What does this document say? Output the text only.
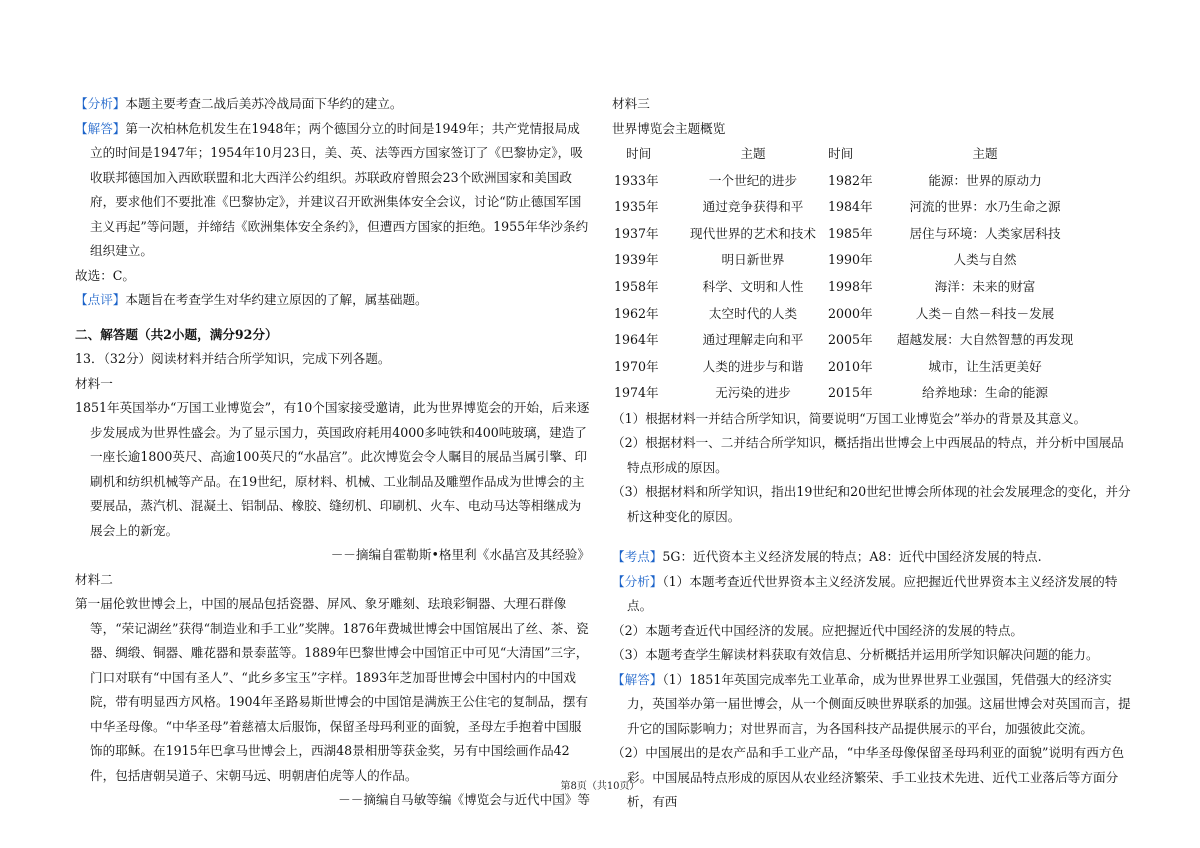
【分析】本题主要考查二战后美苏冷战局面下华约的建立。

【解答】第一次柏林危机发生在1948年；两个德国分立的时间是1949年；共产党情报局成立的时间是1947年；1954年10月23日，美、英、法等西方国家签订了《巴黎协定》，吸收联邦德国加入西欧联盟和北大西洋公约组织。苏联政府曾照会23个欧洲国家和美国政府，要求他们不要批准《巴黎协定》，并建议召开欧洲集体安全会议，讨论“防止德国军国主义再起”等问题，并缔结《欧洲集体安全条约》，但遭西方国家的拒绝。1955年华沙条约组织建立。

故选：C。

【点评】本题旨在考查学生对华约建立原因的了解，属基础题。

二、解答题（共2小题，满分92分）

13．（32分）阅读材料并结合所学知识，完成下列各题。

材料一

1851年英国举办“万国工业博览会”，有10个国家接受邀请，此为世界博览会的开始，后来逐步发展成为世界性盛会。为了显示国力，英国政府耗用4000多吨铁和400吨玻璃，建造了一座长逾1800英尺、高逾100英尺的“水晶宫”。此次博览会令人瞩目的展品当属引擎、印刷机和纺织机械等产品。在19世纪，原材料、机械、工业制品及雕塑作品成为世博会的主要展品，蒸汽机、混凝土、铝制品、橡胶、缝纫机、印刷机、火车、电动马达等相继成为展会上的新宠。

－－摘编自霍勒斯•格里利《水晶宫及其经验》

材料二

第一届伦敦世博会上，中国的展品包括瓷器、屏风、象牙雕刻、珐琅彩铜器、大理石群像等，“荣记湖丝”获得“制造业和手工业”奖牌。1876年费城世博会中国馆展出了丝、茶、瓷器、绸缎、铜器、雕花器和景泰蓝等。1889年巴黎世博会中国馆正中可见“大清国”三字，门口对联有“中国有圣人”、“此乡多宝玉”字样。1893年芝加哥世博会中国村内的中国戏院，带有明显西方风格。1904年圣路易斯世博会的中国馆是满族王公住宅的复制品，摆有中华圣母像。“中华圣母”着慈禧太后服饰，保留圣母玛利亚的面貌，圣母左手抱着中国服饰的耶稣。在1915年巴拿马世博会上，西湖48景相册等获金奖，另有中国绘画作品42件，包括唐朝吴道子、宋朝马远、明朝唐伯虎等人的作品。

－－摘编自马敏等编《博览会与近代中国》等

材料三

世界博览会主题概览

时间	主题	时间	主题
1933年	一个世纪的进步	1982年	能源：世界的原动力
1935年	通过竞争获得和平	1984年	河流的世界：水乃生命之源
1937年	现代世界的艺术和技术	1985年	居住与环境：人类家居科技
1939年	明日新世界	1990年	人类与自然
1958年	科学、文明和人性	1998年	海洋：未来的财富
1962年	太空时代的人类	2000年	人类－自然－科技－发展
1964年	通过理解走向和平	2005年	超越发展：大自然智慧的再发现
1970年	人类的进步与和谐	2010年	城市，让生活更美好
1974年	无污染的进步	2015年	给养地球：生命的能源

（1）根据材料一并结合所学知识，简要说明“万国工业博览会”举办的背景及其意义。

（2）根据材料一、二并结合所学知识，概括指出世博会上中西展品的特点，并分析中国展品特点形成的原因。

（3）根据材料和所学知识，指出19世纪和20世纪世博会所体现的社会发展理念的变化，并分析这种变化的原因。

【考点】5G：近代资本主义经济发展的特点；A8：近代中国经济发展的特点.

【分析】（1）本题考查近代世界资本主义经济发展。应把握近代世界资本主义经济发展的特点。

（2）本题考查近代中国经济的发展。应把握近代中国经济的发展的特点。

（3）本题考查学生解读材料获取有效信息、分析概括并运用所学知识解决问题的能力。

【解答】（1）1851年英国完成率先工业革命，成为世界世界工业强国，凭借强大的经济实力，英国举办第一届世博会，从一个侧面反映世界联系的加强。这届世博会对英国而言，提升它的国际影响力；对世界而言，为各国科技产品提供展示的平台，加强彼此交流。

（2）中国展出的是农产品和手工业产品，“中华圣母像保留圣母玛利亚的面貌”说明有西方色彩。中国展品特点形成的原因从农业经济繁荣、手工业技术先进、近代工业落后等方面分析，有西

第8页（共10页）
